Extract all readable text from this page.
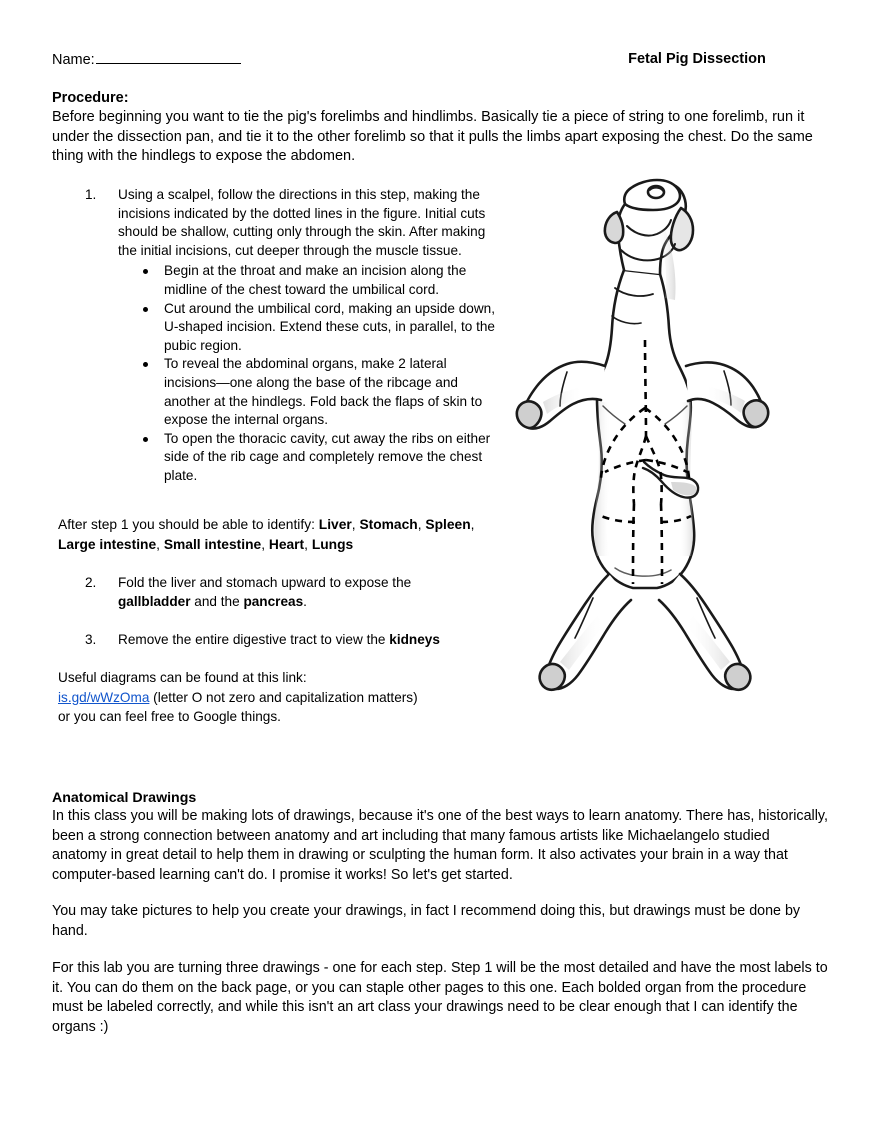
Name:	Fetal Pig Dissection
Procedure:
Before beginning you want to tie the pig's forelimbs and hindlimbs. Basically tie a piece of string to one forelimb, run it under the dissection pan, and tie it to the other forelimb so that it pulls the limbs apart exposing the chest. Do the same thing with the hindlegs to expose the abdomen.
1.	Using a scalpel, follow the directions in this step, making the incisions indicated by the dotted lines in the figure. Initial cuts should be shallow, cutting only through the skin. After making the initial incisions, cut deeper through the muscle tissue.
Begin at the throat and make an incision along the midline of the chest toward the umbilical cord.
Cut around the umbilical cord, making an upside down, U-shaped incision. Extend these cuts, in parallel, to the pubic region.
To reveal the abdominal organs, make 2 lateral incisions—one along the base of the ribcage and another at the hindlegs. Fold back the flaps of skin to expose the internal organs.
To open the thoracic cavity, cut away the ribs on either side of the rib cage and completely remove the chest plate.
After step 1 you should be able to identify: Liver, Stomach, Spleen, Large intestine, Small intestine, Heart, Lungs
2.	Fold the liver and stomach upward to expose the gallbladder and the pancreas.
3.	Remove the entire digestive tract to view the kidneys
Useful diagrams can be found at this link:
is.gd/wWzOma (letter O not zero and capitalization matters)
or you can feel free to Google things.
Anatomical Drawings
In this class you will be making lots of drawings, because it's one of the best ways to learn anatomy. There has, historically, been a strong connection between anatomy and art including that many famous artists like Michaelangelo studied anatomy in great detail to help them in drawing or sculpting the human form. It also activates your brain in a way that computer-based learning can't do. I promise it works! So let's get started.
You may take pictures to help you create your drawings, in fact I recommend doing this, but drawings must be done by hand.
For this lab you are turning three drawings - one for each step. Step 1 will be the most detailed and have the most labels to it. You can do them on the back page, or you can staple other pages to this one. Each bolded organ from the procedure must be labeled correctly, and while this isn't an art class your drawings need to be clear enough that I can identify the organs :)
